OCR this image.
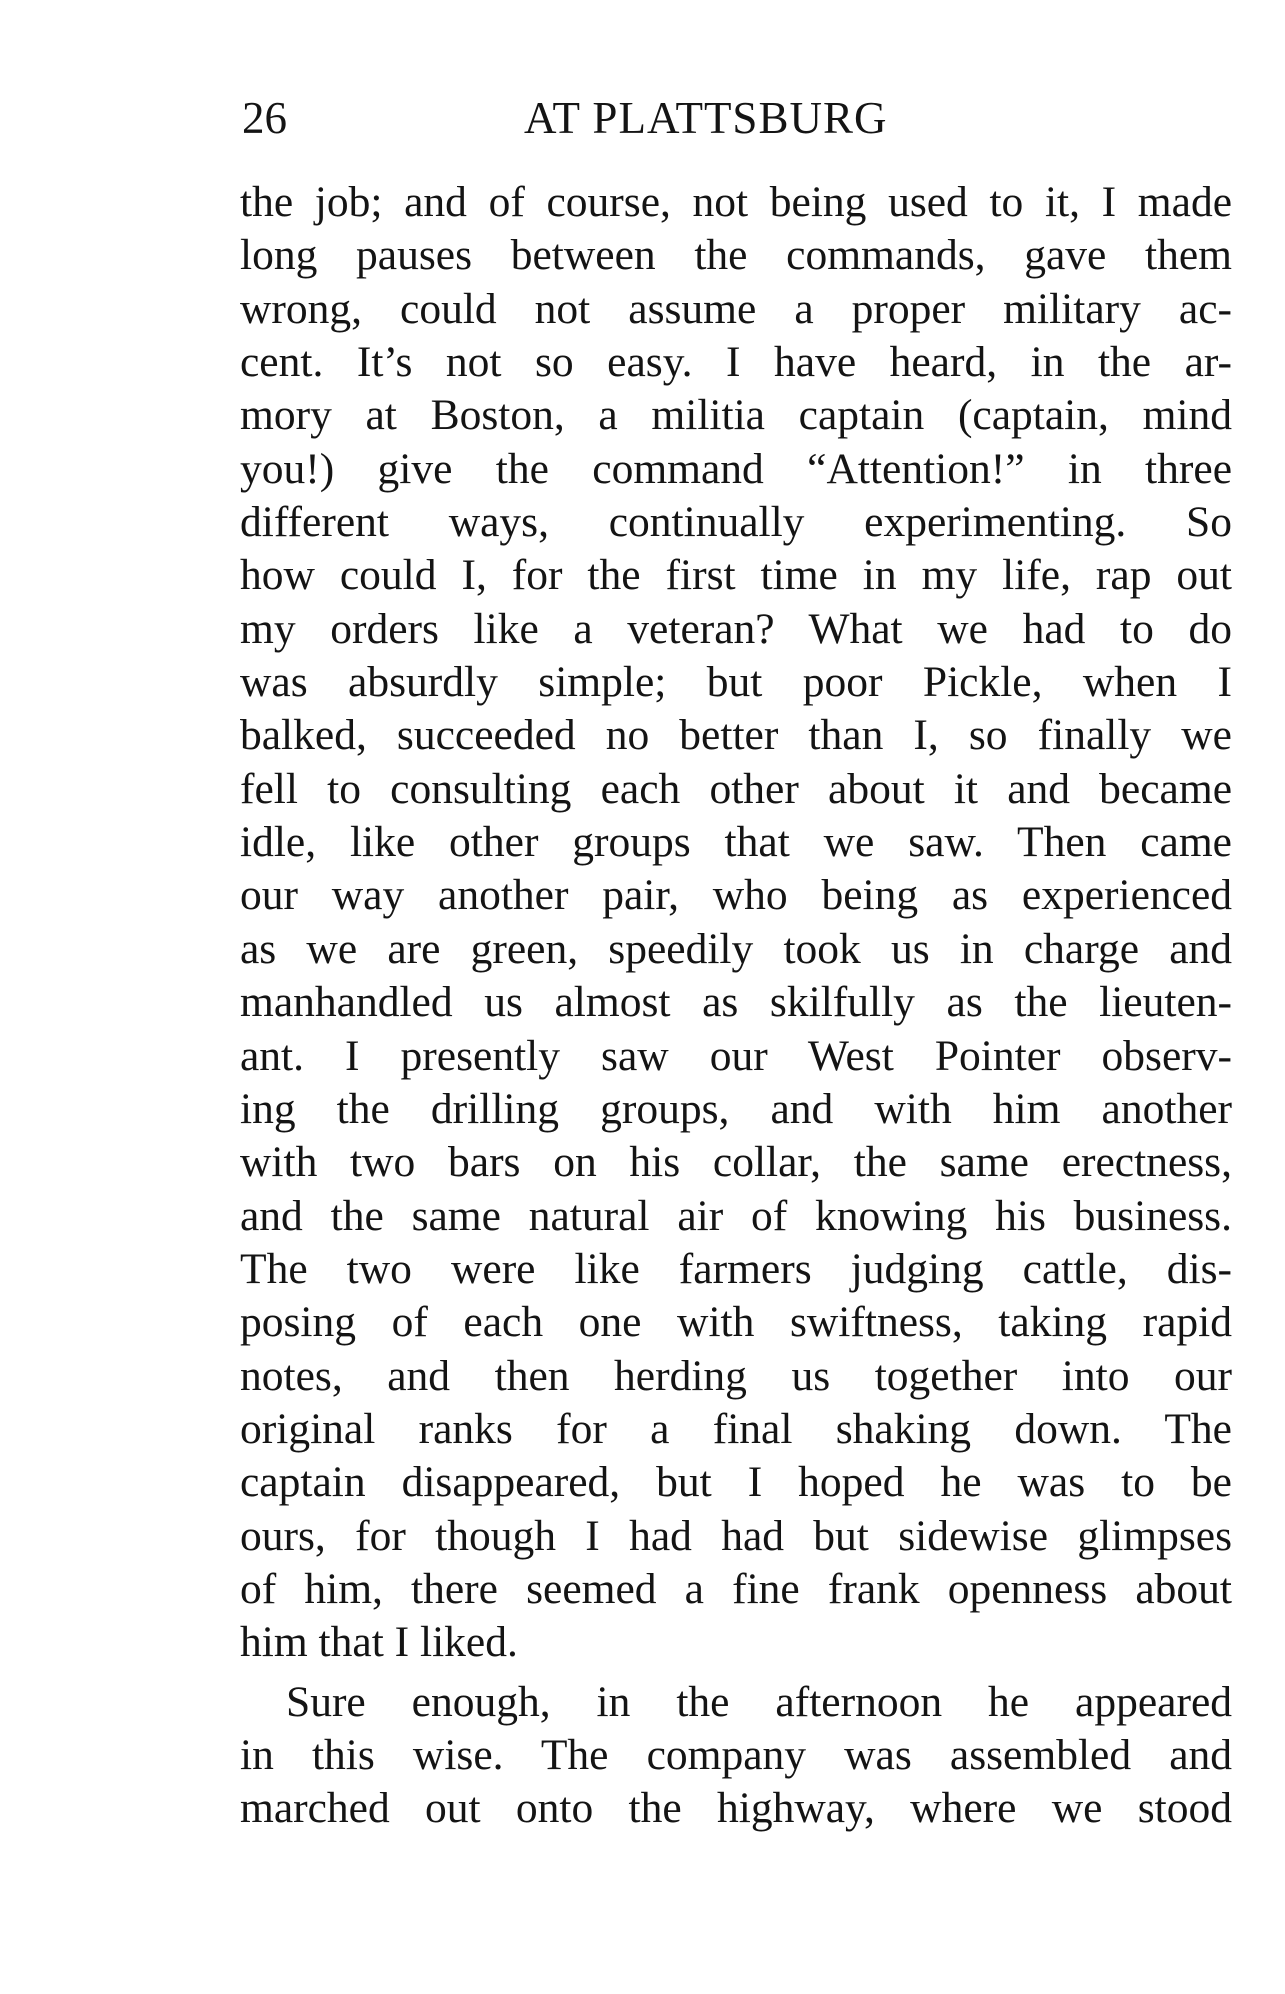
26	AT PLATTSBURG
the job; and of course, not being used to it, I made
long pauses between the commands, gave them
wrong, could not assume a proper military ac-
cent. It’s not so easy. I have heard, in the ar-
mory at Boston, a militia captain (captain, mind
you!) give the command “Attention!” in three
different ways, continually experimenting. So
how could I, for the first time in my life, rap out
my orders like a veteran? What we had to do
was absurdly simple; but poor Pickle, when I
balked, succeeded no better than I, so finally we
fell to consulting each other about it and became
idle, like other groups that we saw. Then came
our way another pair, who being as experienced
as we are green, speedily took us in charge and
manhandled us almost as skilfully as the lieuten-
ant. I presently saw our West Pointer observ-
ing the drilling groups, and with him another
with two bars on his collar, the same erectness,
and the same natural air of knowing his business.
The two were like farmers judging cattle, dis-
posing of each one with swiftness, taking rapid
notes, and then herding us together into our
original ranks for a final shaking down. The
captain disappeared, but I hoped he was to be
ours, for though I had had but sidewise glimpses
of him, there seemed a fine frank openness about
him that I liked.
Sure enough, in the afternoon he appeared
in this wise. The company was assembled and
marched out onto the highway, where we stood
